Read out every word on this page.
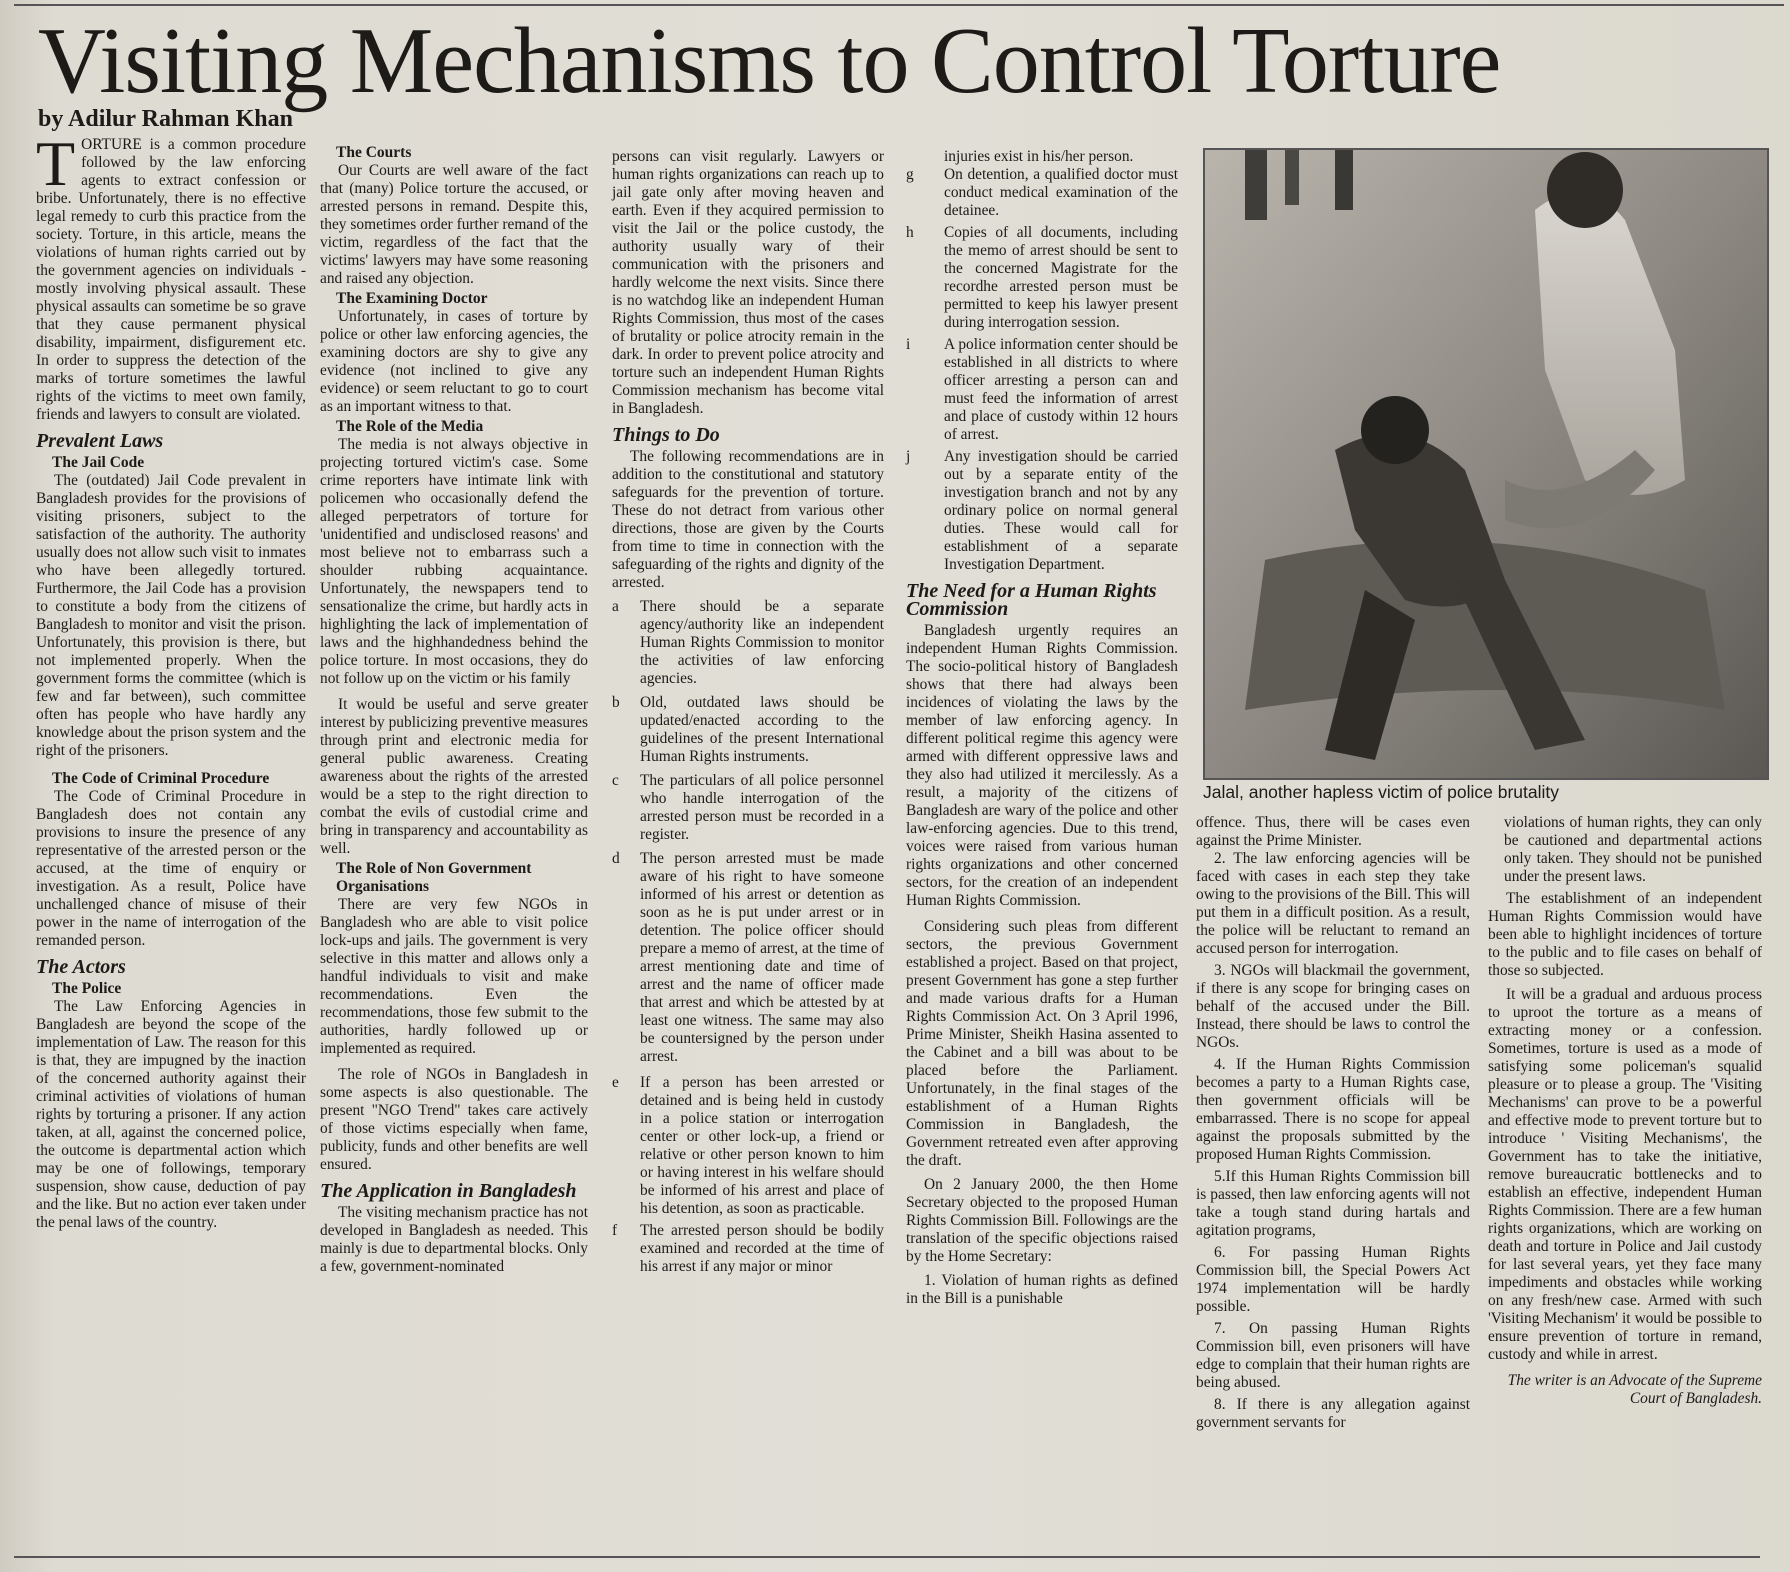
Visiting Mechanisms to Control Torture
by Adilur Rahman Khan

TORTURE is a common procedure followed by the law enforcing agents to extract confession or bribe. Unfortunately, there is no effective legal remedy to curb this practice from the society. Torture, in this article, means the violations of human rights carried out by the government agencies on individuals - mostly involving physical assault. These physical assaults can sometime be so grave that they cause permanent physical disability, impairment, disfigurement etc. In order to suppress the detection of the marks of torture sometimes the lawful rights of the victims to meet own family, friends and lawyers to consult are violated.

Prevalent Laws
The Jail Code

The (outdated) Jail Code prevalent in Bangladesh provides for the provisions of visiting prisoners, subject to the satisfaction of the authority. The authority usually does not allow such visit to inmates who have been allegedly tortured. Furthermore, the Jail Code has a provision to constitute a body from the citizens of Bangladesh to monitor and visit the prison. Unfortunately, this provision is there, but not implemented properly. When the government forms the committee (which is few and far between), such committee often has people who have hardly any knowledge about the prison system and the right of the prisoners.

The Code of Criminal Procedure

The Code of Criminal Procedure in Bangladesh does not contain any provisions to insure the presence of any representative of the arrested person or the accused, at the time of enquiry or investigation. As a result, Police have unchallenged chance of misuse of their power in the name of interrogation of the remanded person.

The Actors
The Police

The Law Enforcing Agencies in Bangladesh are beyond the scope of the implementation of Law. The reason for this is that, they are impugned by the inaction of the concerned authority against their criminal activities of violations of human rights by torturing a prisoner. If any action taken, at all, against the concerned police, the outcome is departmental action which may be one of followings, temporary suspension, show cause, deduction of pay and the like. But no action ever taken under the penal laws of the country.

The Courts

Our Courts are well aware of the fact that (many) Police torture the accused, or arrested persons in remand. Despite this, they sometimes order further remand of the victim, regardless of the fact that the victims' lawyers may have some reasoning and raised any objection.

The Examining Doctor

Unfortunately, in cases of torture by police or other law enforcing agencies, the examining doctors are shy to give any evidence (not inclined to give any evidence) or seem reluctant to go to court as an important witness to that.

The Role of the Media

The media is not always objective in projecting tortured victim's case. Some crime reporters have intimate link with policemen who occasionally defend the alleged perpetrators of torture for 'unidentified and undisclosed reasons' and most believe not to embarrass such a shoulder rubbing acquaintance. Unfortunately, the newspapers tend to sensationalize the crime, but hardly acts in highlighting the lack of implementation of laws and the highhandedness behind the police torture. In most occasions, they do not follow up on the victim or his family

It would be useful and serve greater interest by publicizing preventive measures through print and electronic media for general public awareness. Creating awareness about the rights of the arrested would be a step to the right direction to combat the evils of custodial crime and bring in transparency and accountability as well.

The Role of Non Government Organisations

There are very few NGOs in Bangladesh who are able to visit police lock-ups and jails. The government is very selective in this matter and allows only a handful individuals to visit and make recommendations. Even the recommendations, those few submit to the authorities, hardly followed up or implemented as required.

The role of NGOs in Bangladesh in some aspects is also questionable. The present "NGO Trend" takes care actively of those victims especially when fame, publicity, funds and other benefits are well ensured.

The Application in Bangladesh

The visiting mechanism practice has not developed in Bangladesh as needed. This mainly is due to departmental blocks. Only a few, government-nominated

persons can visit regularly. Lawyers or human rights organizations can reach up to jail gate only after moving heaven and earth. Even if they acquired permission to visit the Jail or the police custody, the authority usually wary of their communication with the prisoners and hardly welcome the next visits. Since there is no watchdog like an independent Human Rights Commission, thus most of the cases of brutality or police atrocity remain in the dark. In order to prevent police atrocity and torture such an independent Human Rights Commission mechanism has become vital in Bangladesh.

Things to Do

The following recommendations are in addition to the constitutional and statutory safeguards for the prevention of torture. These do not detract from various other directions, those are given by the Courts from time to time in connection with the safeguarding of the rights and dignity of the arrested.

a	There should be a separate agency/authority like an independent Human Rights Commission to monitor the activities of law enforcing agencies.
b	Old, outdated laws should be updated/enacted according to the guidelines of the present International Human Rights instruments.
c	The particulars of all police personnel who handle interrogation of the arrested person must be recorded in a register.
d	The person arrested must be made aware of his right to have someone informed of his arrest or detention as soon as he is put under arrest or in detention. The police officer should prepare a memo of arrest, at the time of arrest mentioning date and time of arrest and the name of officer made that arrest and which be attested by at least one witness. The same may also be countersigned by the person under arrest.
e	If a person has been arrested or detained and is being held in custody in a police station or interrogation center or other lock-up, a friend or relative or other person known to him or having interest in his welfare should be informed of his arrest and place of his detention, as soon as practicable.
f	The arrested person should be bodily examined and recorded at the time of his arrest if any major or minor

injuries exist in his/her person.

g	On detention, a qualified doctor must conduct medical examination of the detainee.
h	Copies of all documents, including the memo of arrest should be sent to the concerned Magistrate for the recordhe arrested person must be permitted to keep his lawyer present during interrogation session.
i	A police information center should be established in all districts to where officer arresting a person can and must feed the information of arrest and place of custody within 12 hours of arrest.
j	Any investigation should be carried out by a separate entity of the investigation branch and not by any ordinary police on normal general duties. These would call for establishment of a separate Investigation Department.
The Need for a Human Rights Commission

Bangladesh urgently requires an independent Human Rights Commission. The socio-political history of Bangladesh shows that there had always been incidences of violating the laws by the member of law enforcing agency. In different political regime this agency were armed with different oppressive laws and they also had utilized it mercilessly. As a result, a majority of the citizens of Bangladesh are wary of the police and other law-enforcing agencies. Due to this trend, voices were raised from various human rights organizations and other concerned sectors, for the creation of an independent Human Rights Commission.

Considering such pleas from different sectors, the previous Government established a project. Based on that project, present Government has gone a step further and made various drafts for a Human Rights Commission Act. On 3 April 1996, Prime Minister, Sheikh Hasina assented to the Cabinet and a bill was about to be placed before the Parliament. Unfortunately, in the final stages of the establishment of a Human Rights Commission in Bangladesh, the Government retreated even after approving the draft.

On 2 January 2000, the then Home Secretary objected to the proposed Human Rights Commission Bill. Followings are the translation of the specific objections raised by the Home Secretary:

1. Violation of human rights as defined in the Bill is a punishable

Jalal, another hapless victim of police brutality

offence. Thus, there will be cases even against the Prime Minister.

2. The law enforcing agencies will be faced with cases in each step they take owing to the provisions of the Bill. This will put them in a difficult position. As a result, the police will be reluctant to remand an accused person for interrogation.

3. NGOs will blackmail the government, if there is any scope for bringing cases on behalf of the accused under the Bill. Instead, there should be laws to control the NGOs.

4. If the Human Rights Commission becomes a party to a Human Rights case, then government officials will be embarrassed. There is no scope for appeal against the proposals submitted by the proposed Human Rights Commission.

5.If this Human Rights Commission bill is passed, then law enforcing agents will not take a tough stand during hartals and agitation programs,

6. For passing Human Rights Commission bill, the Special Powers Act 1974 implementation will be hardly possible.

7. On passing Human Rights Commission bill, even prisoners will have edge to complain that their human rights are being abused.

8. If there is any allegation against government servants for

violations of human rights, they can only be cautioned and departmental actions only taken. They should not be punished under the present laws.

The establishment of an independent Human Rights Commission would have been able to highlight incidences of torture to the public and to file cases on behalf of those so subjected.

It will be a gradual and arduous process to uproot the torture as a means of extracting money or a confession. Sometimes, torture is used as a mode of satisfying some policeman's squalid pleasure or to please a group. The 'Visiting Mechanisms' can prove to be a powerful and effective mode to prevent torture but to introduce ' Visiting Mechanisms', the Government has to take the initiative, remove bureaucratic bottlenecks and to establish an effective, independent Human Rights Commission. There are a few human rights organizations, which are working on death and torture in Police and Jail custody for last several years, yet they face many impediments and obstacles while working on any fresh/new case. Armed with such 'Visiting Mechanism' it would be possible to ensure prevention of torture in remand, custody and while in arrest.

The writer is an Advocate of the Supreme Court of Bangladesh.
